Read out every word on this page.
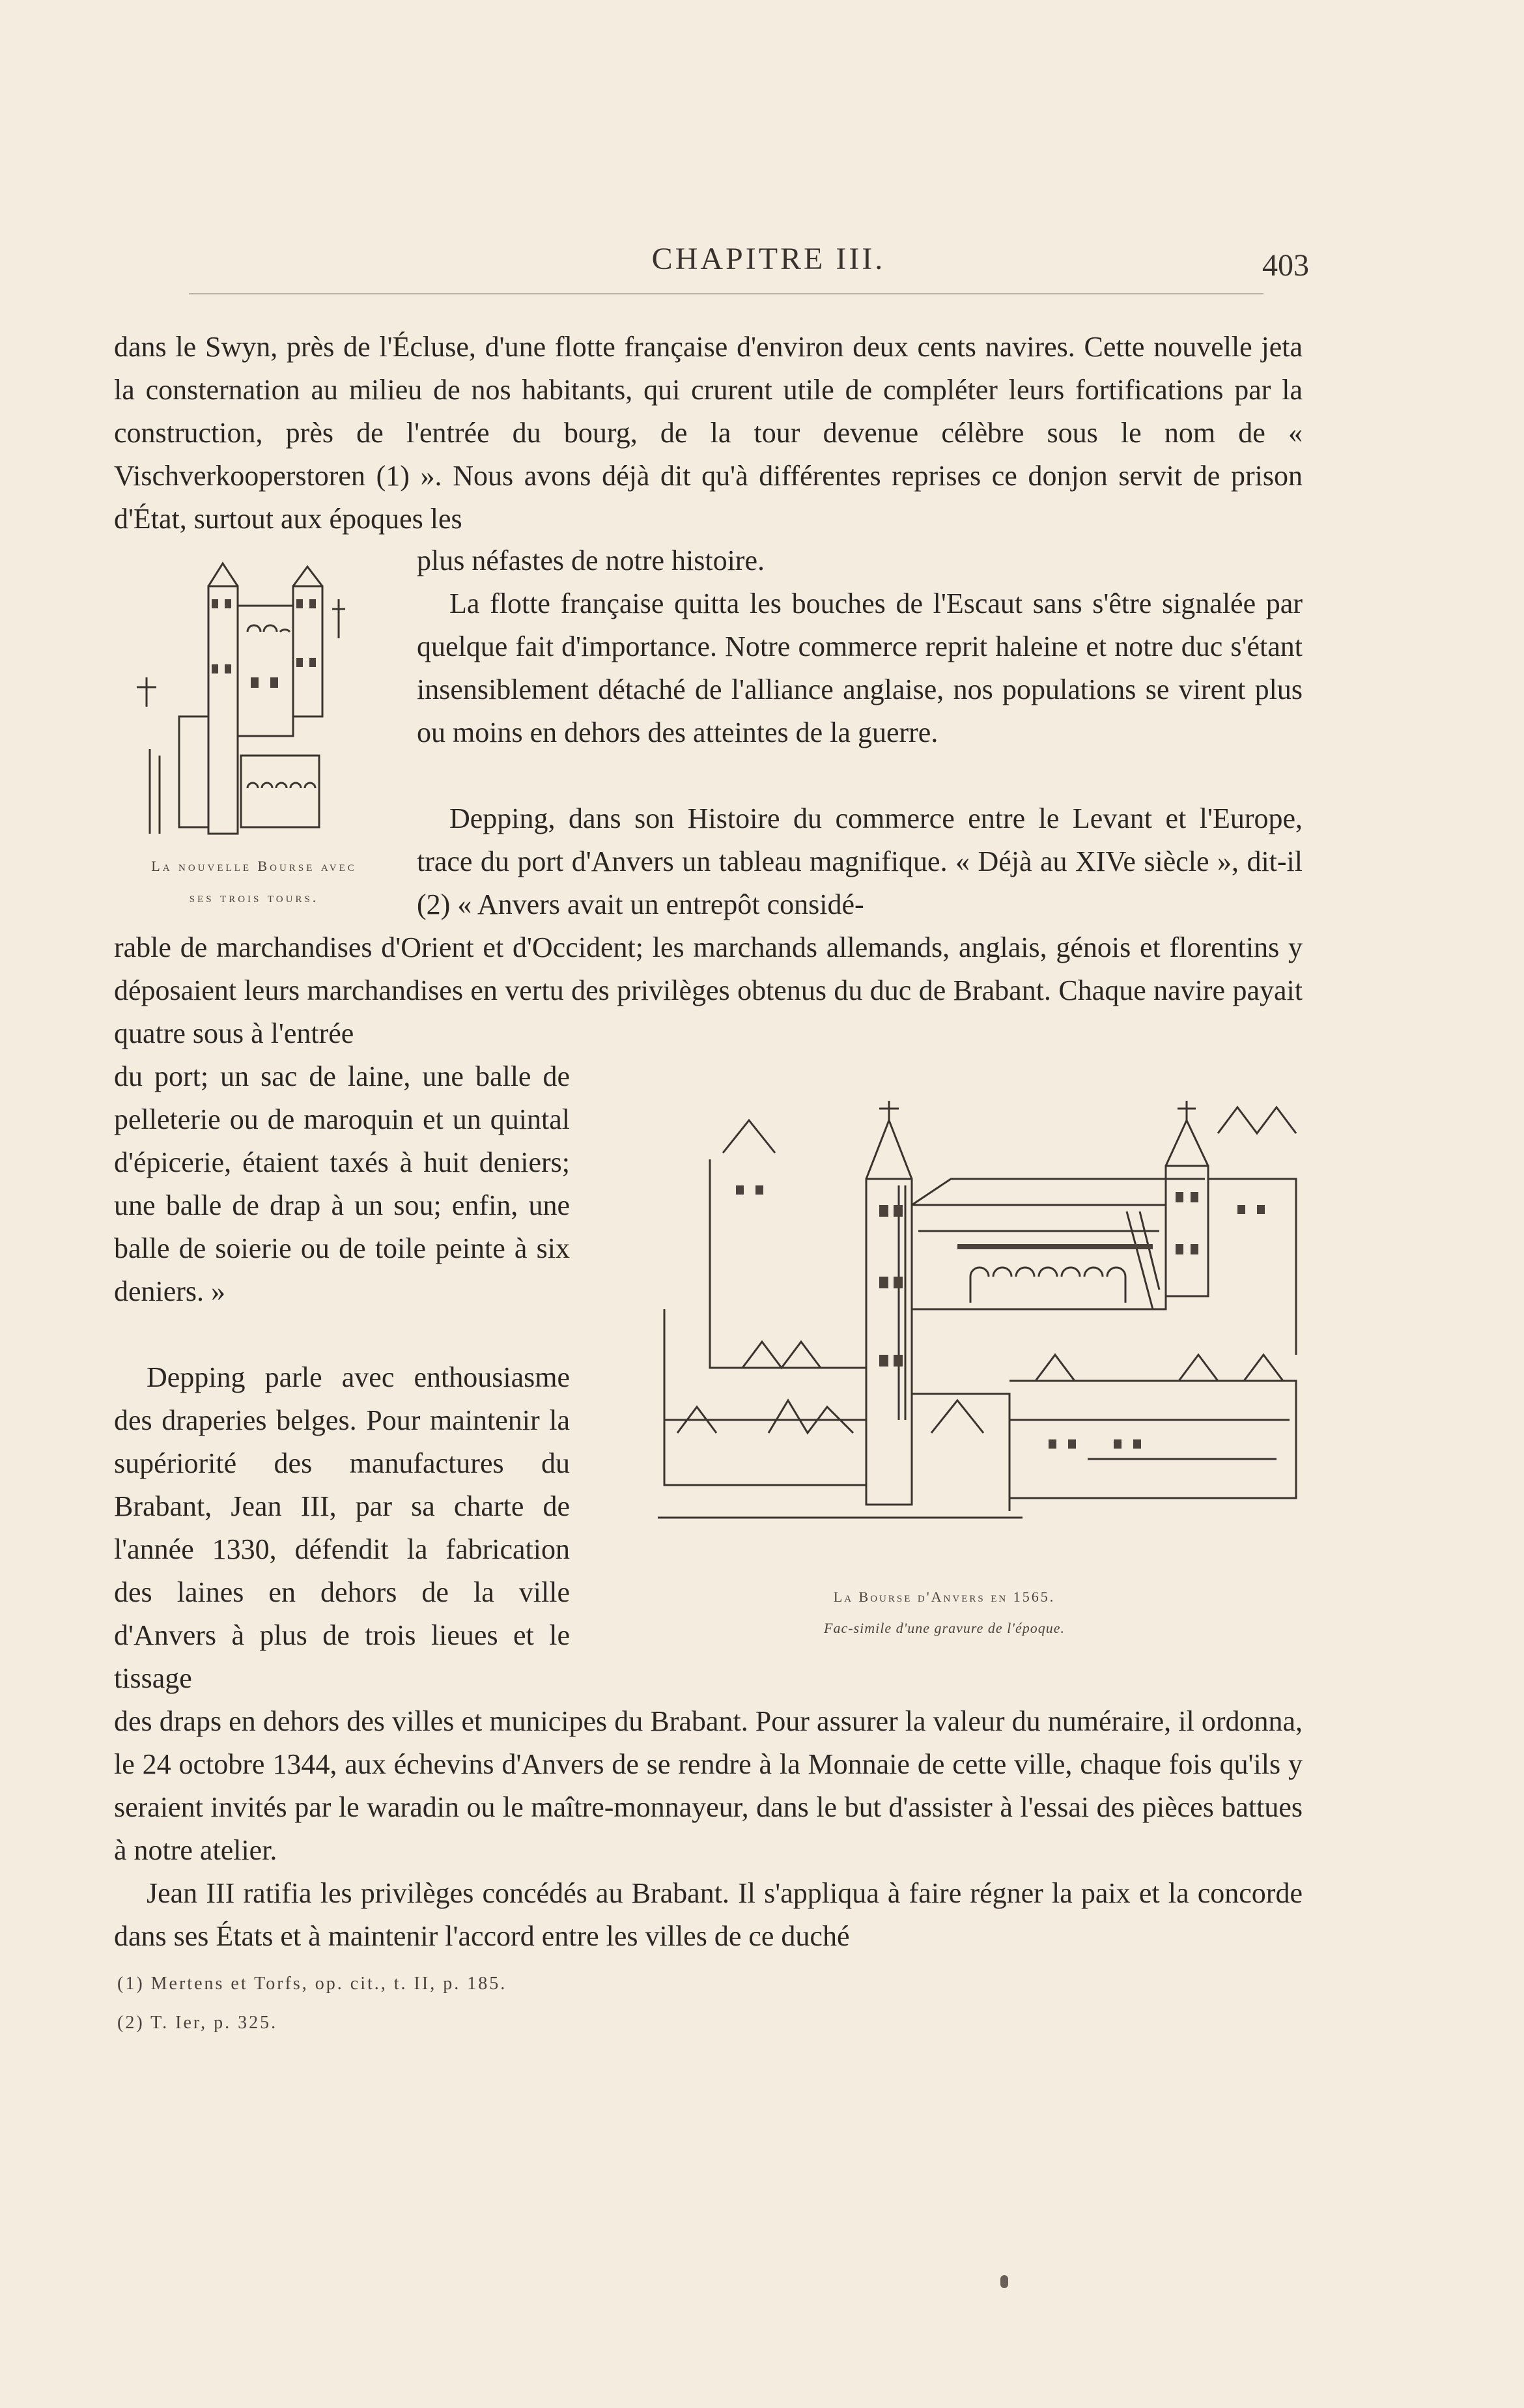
CHAPITRE III.	403

dans le Swyn, près de l'Écluse, d'une flotte française d'environ deux cents navires. Cette nouvelle jeta la consternation au milieu de nos habitants, qui crurent utile de compléter leurs fortifications par la construction, près de l'entrée du bourg, de la tour devenue célèbre sous le nom de « Vischverkooperstoren (1) ». Nous avons déjà dit qu'à différentes reprises ce donjon servit de prison d'État, surtout aux époques les

plus néfastes de notre histoire.

La flotte française quitta les bouches de l'Escaut sans s'être signalée par quelque fait d'importance. Notre commerce reprit haleine et notre duc s'étant insensiblement détaché de l'alliance anglaise, nos populations se virent plus ou moins en dehors des atteintes de la guerre.

Depping, dans son Histoire du commerce entre le Levant et l'Europe, trace du port d'Anvers un tableau magnifique. « Déjà au XIVe siècle », dit-il (2) « Anvers avait un entrepôt considé-

rable de marchandises d'Orient et d'Occident; les marchands allemands, anglais, génois et florentins y déposaient leurs marchandises en vertu des privilèges obtenus du duc de Brabant. Chaque navire payait quatre sous à l'entrée

du port; un sac de laine, une balle de pelleterie ou de maroquin et un quintal d'épicerie, étaient taxés à huit deniers; une balle de drap à un sou; enfin, une balle de soierie ou de toile peinte à six deniers. »

Depping parle avec enthousiasme des draperies belges. Pour maintenir la supériorité des manufactures du Brabant, Jean III, par sa charte de l'année 1330, défendit la fabrication des laines en dehors de la ville d'Anvers à plus de trois lieues et le tissage

des draps en dehors des villes et municipes du Brabant. Pour assurer la valeur du numéraire, il ordonna, le 24 octobre 1344, aux échevins d'Anvers de se rendre à la Monnaie de cette ville, chaque fois qu'ils y seraient invités par le waradin ou le maître-monnayeur, dans le but d'assister à l'essai des pièces battues à notre atelier.

Jean III ratifia les privilèges concédés au Brabant. Il s'appliqua à faire régner la paix et la concorde dans ses États et à maintenir l'accord entre les villes de ce duché

La nouvelle Bourse avec
ses trois tours.
La Bourse d'Anvers en 1565.
Fac-simile d'une gravure de l'époque.
(1) Mertens et Torfs, op. cit., t. II, p. 185.
(2) T. Ier, p. 325.
